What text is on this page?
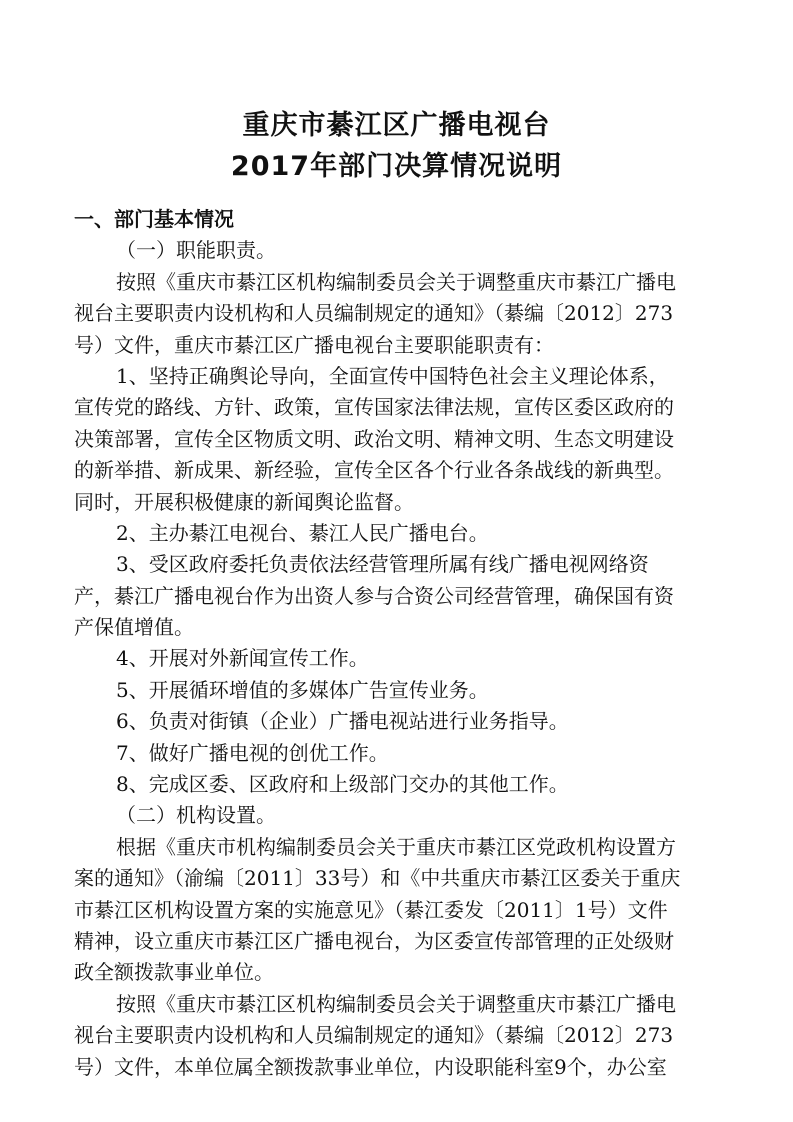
重庆市綦江区广播电视台
2017年部门决算情况说明
一、部门基本情况
（一）职能职责。
按照《重庆市綦江区机构编制委员会关于调整重庆市綦江广播电
视台主要职责内设机构和人员编制规定的通知》（綦编〔2012〕273
号）文件，重庆市綦江区广播电视台主要职能职责有：
1、坚持正确舆论导向，全面宣传中国特色社会主义理论体系，
宣传党的路线、方针、政策，宣传国家法律法规，宣传区委区政府的
决策部署，宣传全区物质文明、政治文明、精神文明、生态文明建设
的新举措、新成果、新经验，宣传全区各个行业各条战线的新典型。
同时，开展积极健康的新闻舆论监督。
2、主办綦江电视台、綦江人民广播电台。
3、受区政府委托负责依法经营管理所属有线广播电视网络资
产，綦江广播电视台作为出资人参与合资公司经营管理，确保国有资
产保值增值。
4、开展对外新闻宣传工作。
5、开展循环增值的多媒体广告宣传业务。
6、负责对街镇（企业）广播电视站进行业务指导。
7、做好广播电视的创优工作。
8、完成区委、区政府和上级部门交办的其他工作。
（二）机构设置。
根据《重庆市机构编制委员会关于重庆市綦江区党政机构设置方
案的通知》（渝编〔2011〕33号）和《中共重庆市綦江区委关于重庆
市綦江区机构设置方案的实施意见》（綦江委发〔2011〕1号）文件
精神，设立重庆市綦江区广播电视台，为区委宣传部管理的正处级财
政全额拨款事业单位。
按照《重庆市綦江区机构编制委员会关于调整重庆市綦江广播电
视台主要职责内设机构和人员编制规定的通知》（綦编〔2012〕273
号）文件，本单位属全额拨款事业单位，内设职能科室9个，办公室
